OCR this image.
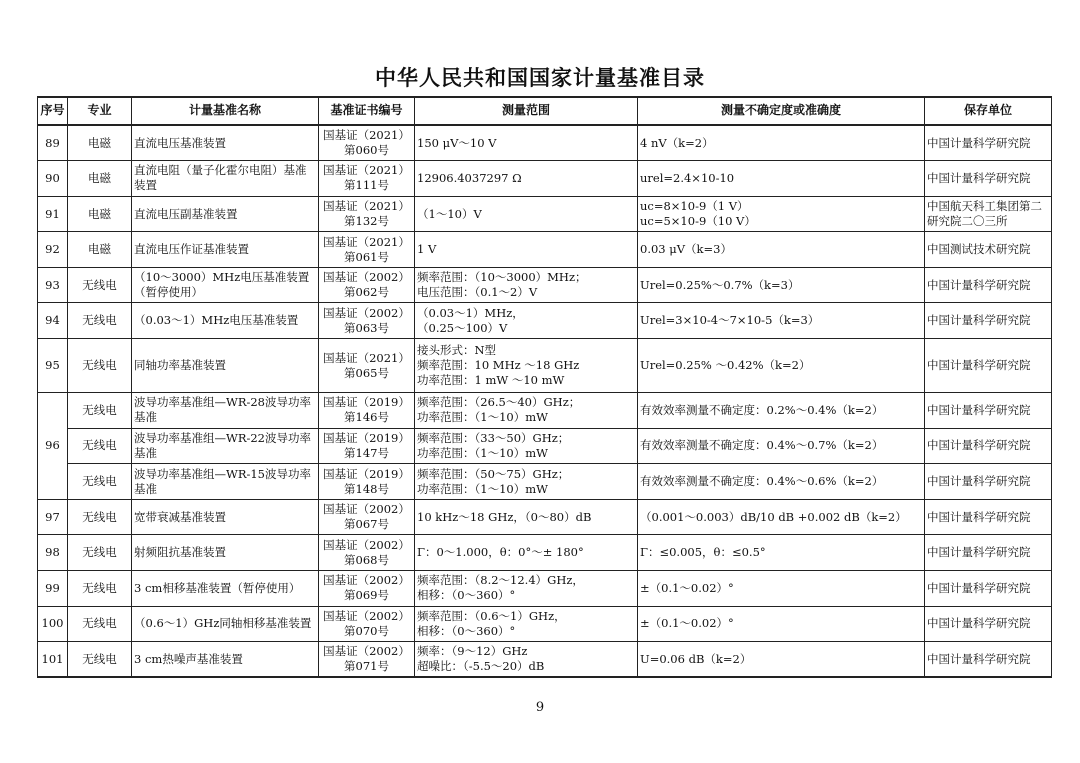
中华人民共和国国家计量基准目录
序号	专业	计量基准名称	基准证书编号	测量范围	测量不确定度或准确度	保存单位
89	电磁	直流电压基准装置	国基证（2021）
第060号	150 μV～10 V	4 nV（k=2）	中国计量科学研究院
90	电磁	直流电阻（量子化霍尔电阻）基准装置	国基证（2021）
第111号	12906.4037297 Ω	urel=2.4×10-10	中国计量科学研究院
91	电磁	直流电压副基准装置	国基证（2021）
第132号	（1～10）V	uc=8×10-9（1 V）
uc=5×10-9（10 V）	中国航天科工集团第二研究院二〇三所
92	电磁	直流电压作证基准装置	国基证（2021）
第061号	1 V	0.03 μV（k=3）	中国测试技术研究院
93	无线电	（10～3000）MHz电压基准装置（暂停使用）	国基证（2002）
第062号	频率范围：（10～3000）MHz；
电压范围：（0.1～2）V	Urel=0.25%～0.7%（k=3）	中国计量科学研究院
94	无线电	（0.03～1）MHz电压基准装置	国基证（2002）
第063号	（0.03～1）MHz，
（0.25～100）V	Urel=3×10-4～7×10-5（k=3）	中国计量科学研究院
95	无线电	同轴功率基准装置	国基证（2021）
第065号	接头形式：N型
频率范围：10 MHz ～18 GHz
功率范围：1 mW ～10 mW	Urel=0.25% ～0.42%（k=2）	中国计量科学研究院
96	无线电	波导功率基准组—WR-28波导功率基准	国基证（2019）
第146号	频率范围：（26.5～40）GHz；
功率范围：（1～10）mW	有效效率测量不确定度：0.2%～0.4%（k=2）	中国计量科学研究院
	无线电	波导功率基准组—WR-22波导功率基准	国基证（2019）
第147号	频率范围：（33～50）GHz；
功率范围：（1～10）mW	有效效率测量不确定度：0.4%～0.7%（k=2）	中国计量科学研究院
	无线电	波导功率基准组—WR-15波导功率基准	国基证（2019）
第148号	频率范围：（50～75）GHz；
功率范围：（1～10）mW	有效效率测量不确定度：0.4%～0.6%（k=2）	中国计量科学研究院
97	无线电	宽带衰减基准装置	国基证（2002）
第067号	10 kHz～18 GHz，（0～80）dB	（0.001～0.003）dB/10 dB +0.002 dB（k=2）	中国计量科学研究院
98	无线电	射频阻抗基准装置	国基证（2002）
第068号	Γ：0～1.000，θ：0°～± 180°	Γ：≤0.005，θ：≤0.5°	中国计量科学研究院
99	无线电	3 cm相移基准装置（暂停使用）	国基证（2002）
第069号	频率范围：（8.2～12.4）GHz，
相移：（0～360）°	±（0.1～0.02）°	中国计量科学研究院
100	无线电	（0.6～1）GHz同轴相移基准装置	国基证（2002）
第070号	频率范围：（0.6～1）GHz，
相移：（0～360）°	±（0.1～0.02）°	中国计量科学研究院
101	无线电	3 cm热噪声基准装置	国基证（2002）
第071号	频率：（9～12）GHz
超噪比：（-5.5～20）dB	U=0.06 dB（k=2）	中国计量科学研究院
9
